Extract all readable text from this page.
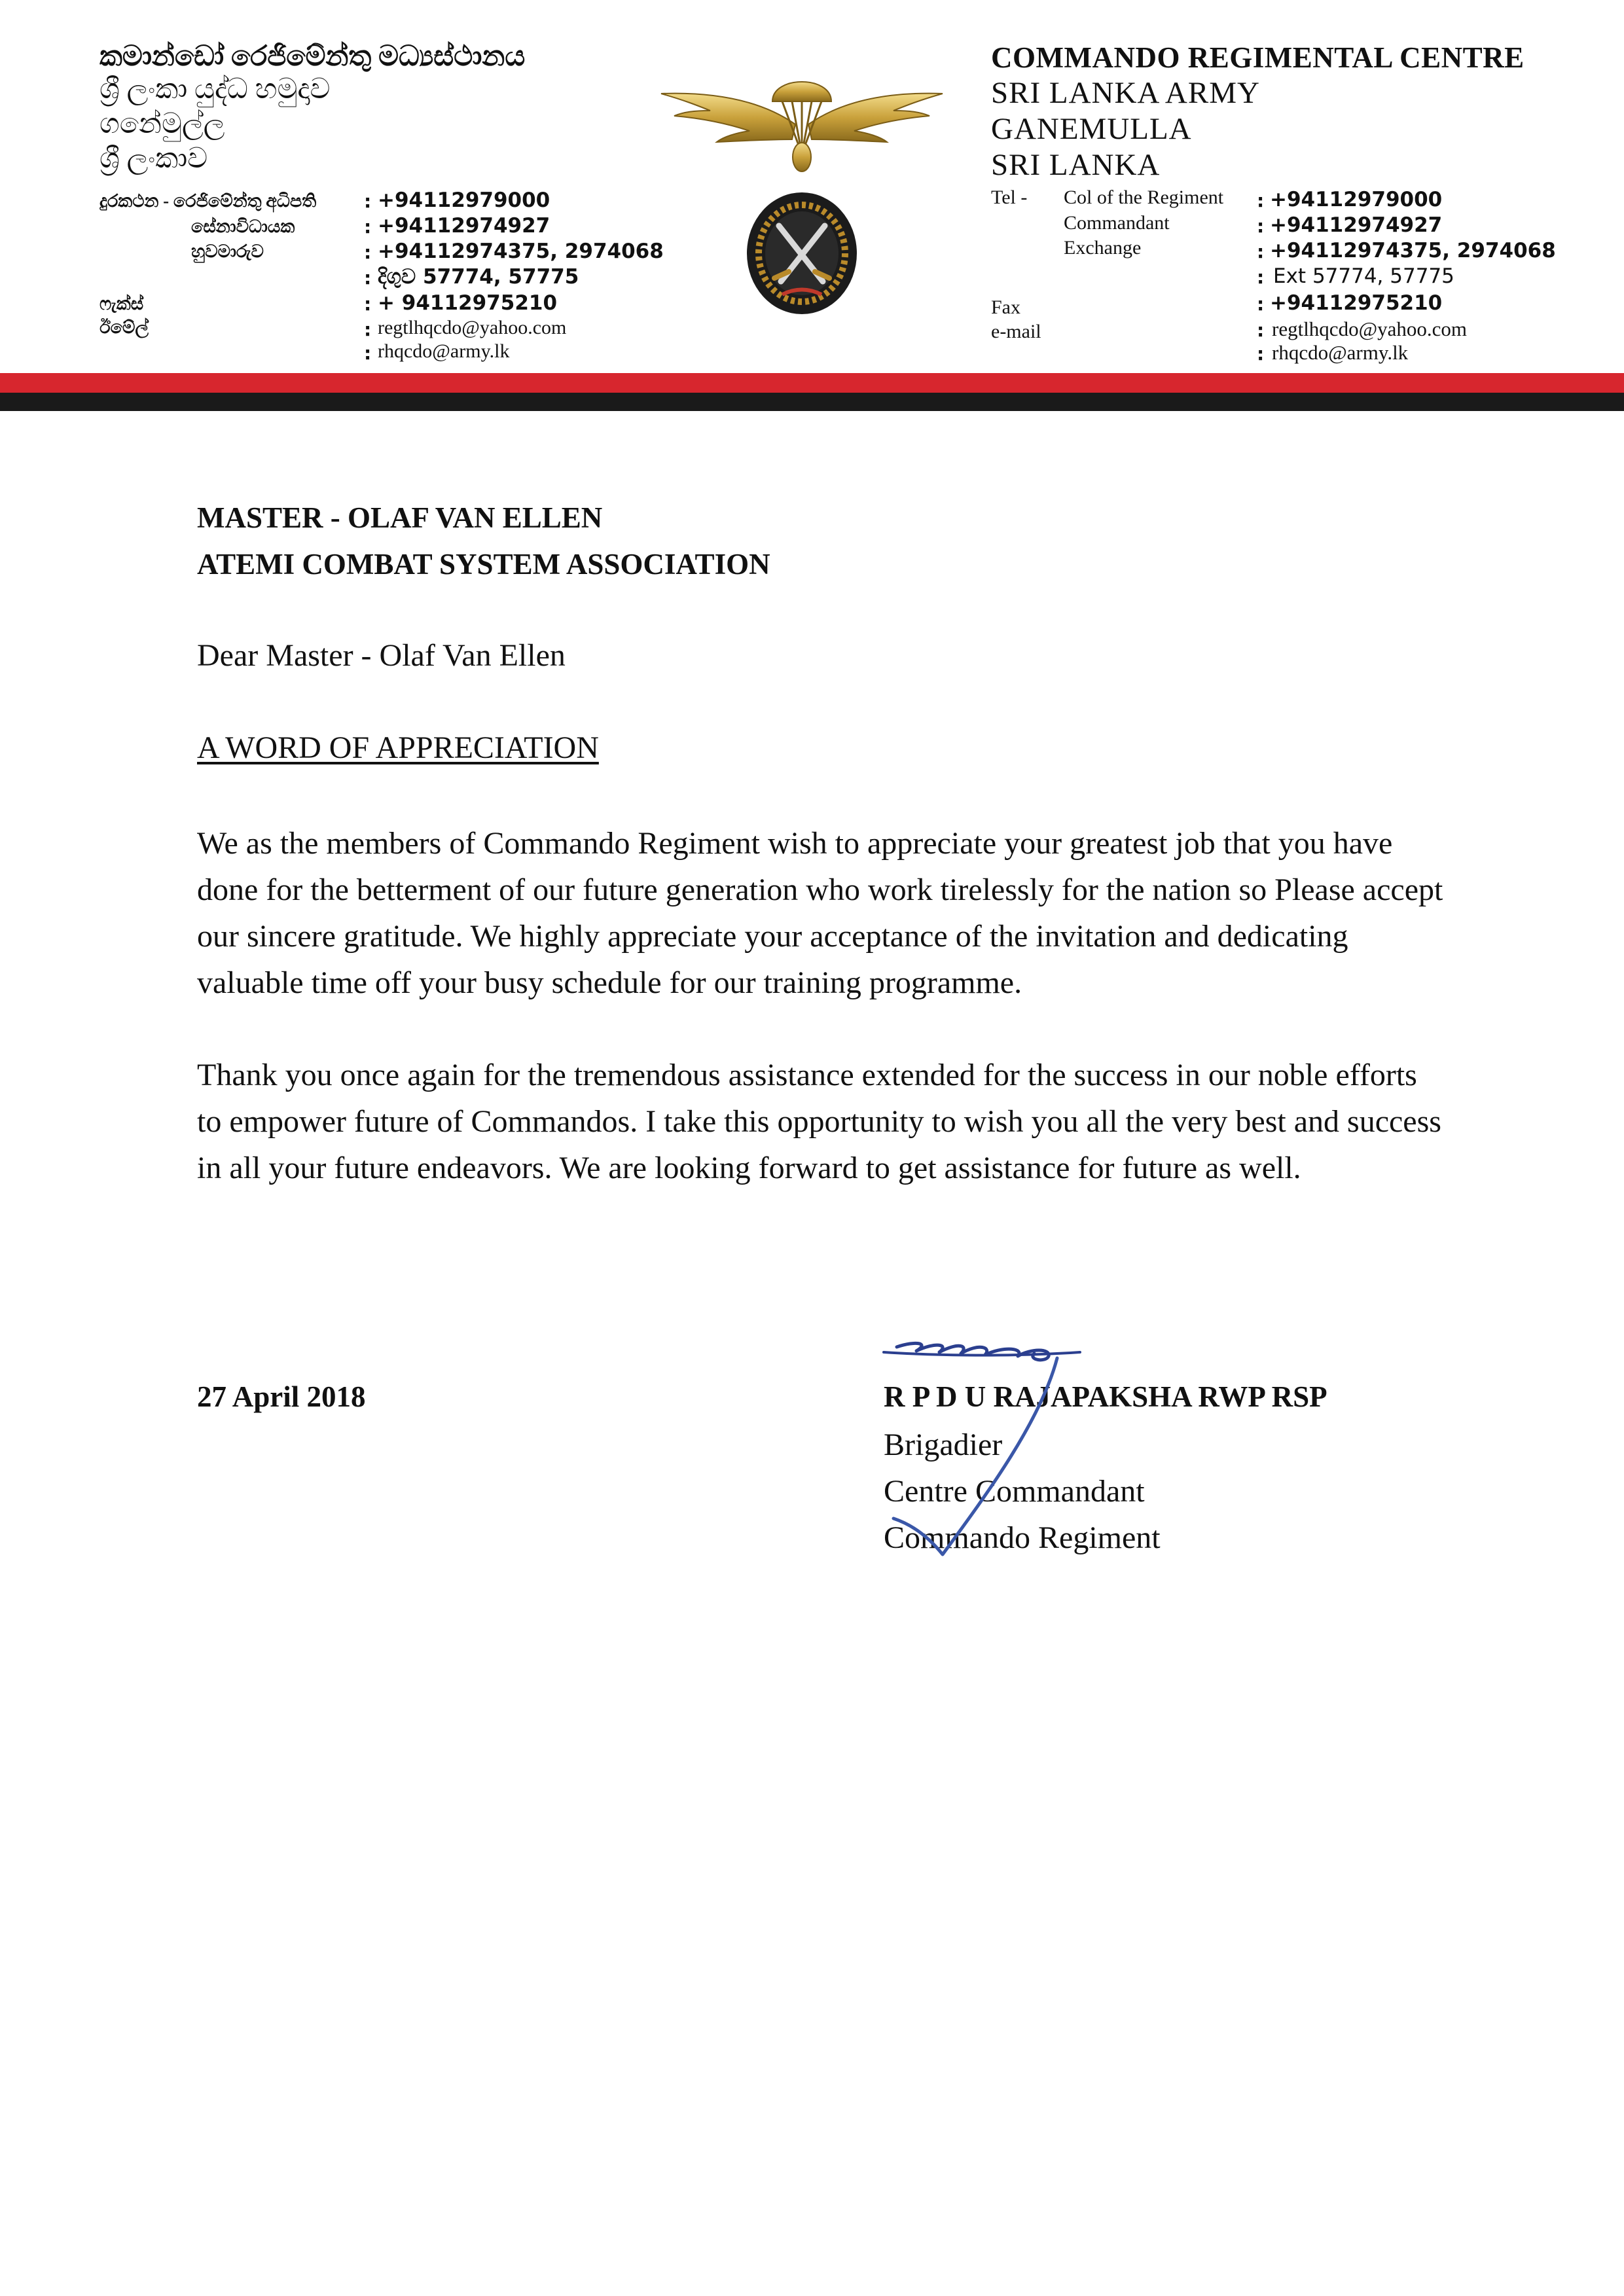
කමාන්ඩෝ රෙජිමේන්තු මධ්‍යස්ථානය
ශ්‍රී ලංකා යුද්ධ හමුදාව
ගනේමුල්ල
ශ්‍රී ලංකාව
දුරකථන - රෙජිමේන්තු අධිපති
සේනාවිධායක
හුවමාරුව
ෆැක්ස්
ඊමේල්
: +94112979000
: +94112974927
: +94112974375, 2974068
: දිගුව 57774, 57775
: + 94112975210
: regtlhqcdo@yahoo.com
: rhqcdo@army.lk
COMMANDO REGIMENTAL CENTRE
SRI LANKA ARMY
GANEMULLA
SRI LANKA
Tel - Col of the Regiment
Commandant
Exchange
Fax
e-mail
: +94112979000
: +94112974927
: +94112974375, 2974068
: Ext 57774, 57775
: +94112975210
: regtlhqcdo@yahoo.com
: rhqcdo@army.lk
MASTER - OLAF VAN ELLEN
ATEMI COMBAT SYSTEM ASSOCIATION
Dear Master - Olaf Van Ellen
A WORD OF APPRECIATION
We as the members of Commando Regiment wish to appreciate your greatest job that you have
done for the betterment of our future generation who work tirelessly for the nation so Please accept
our sincere gratitude. We highly appreciate your acceptance of the invitation and dedicating
valuable time off your busy schedule for our training programme.
Thank you once again for the tremendous assistance extended for the success in our noble efforts
to empower future of Commandos. I take this opportunity to wish you all the very best and success
in all your future endeavors. We are looking forward to get assistance for future as well.
27 April 2018	R P D U RAJAPAKSHA RWP RSP
Brigadier
Centre Commandant
Commando Regiment
